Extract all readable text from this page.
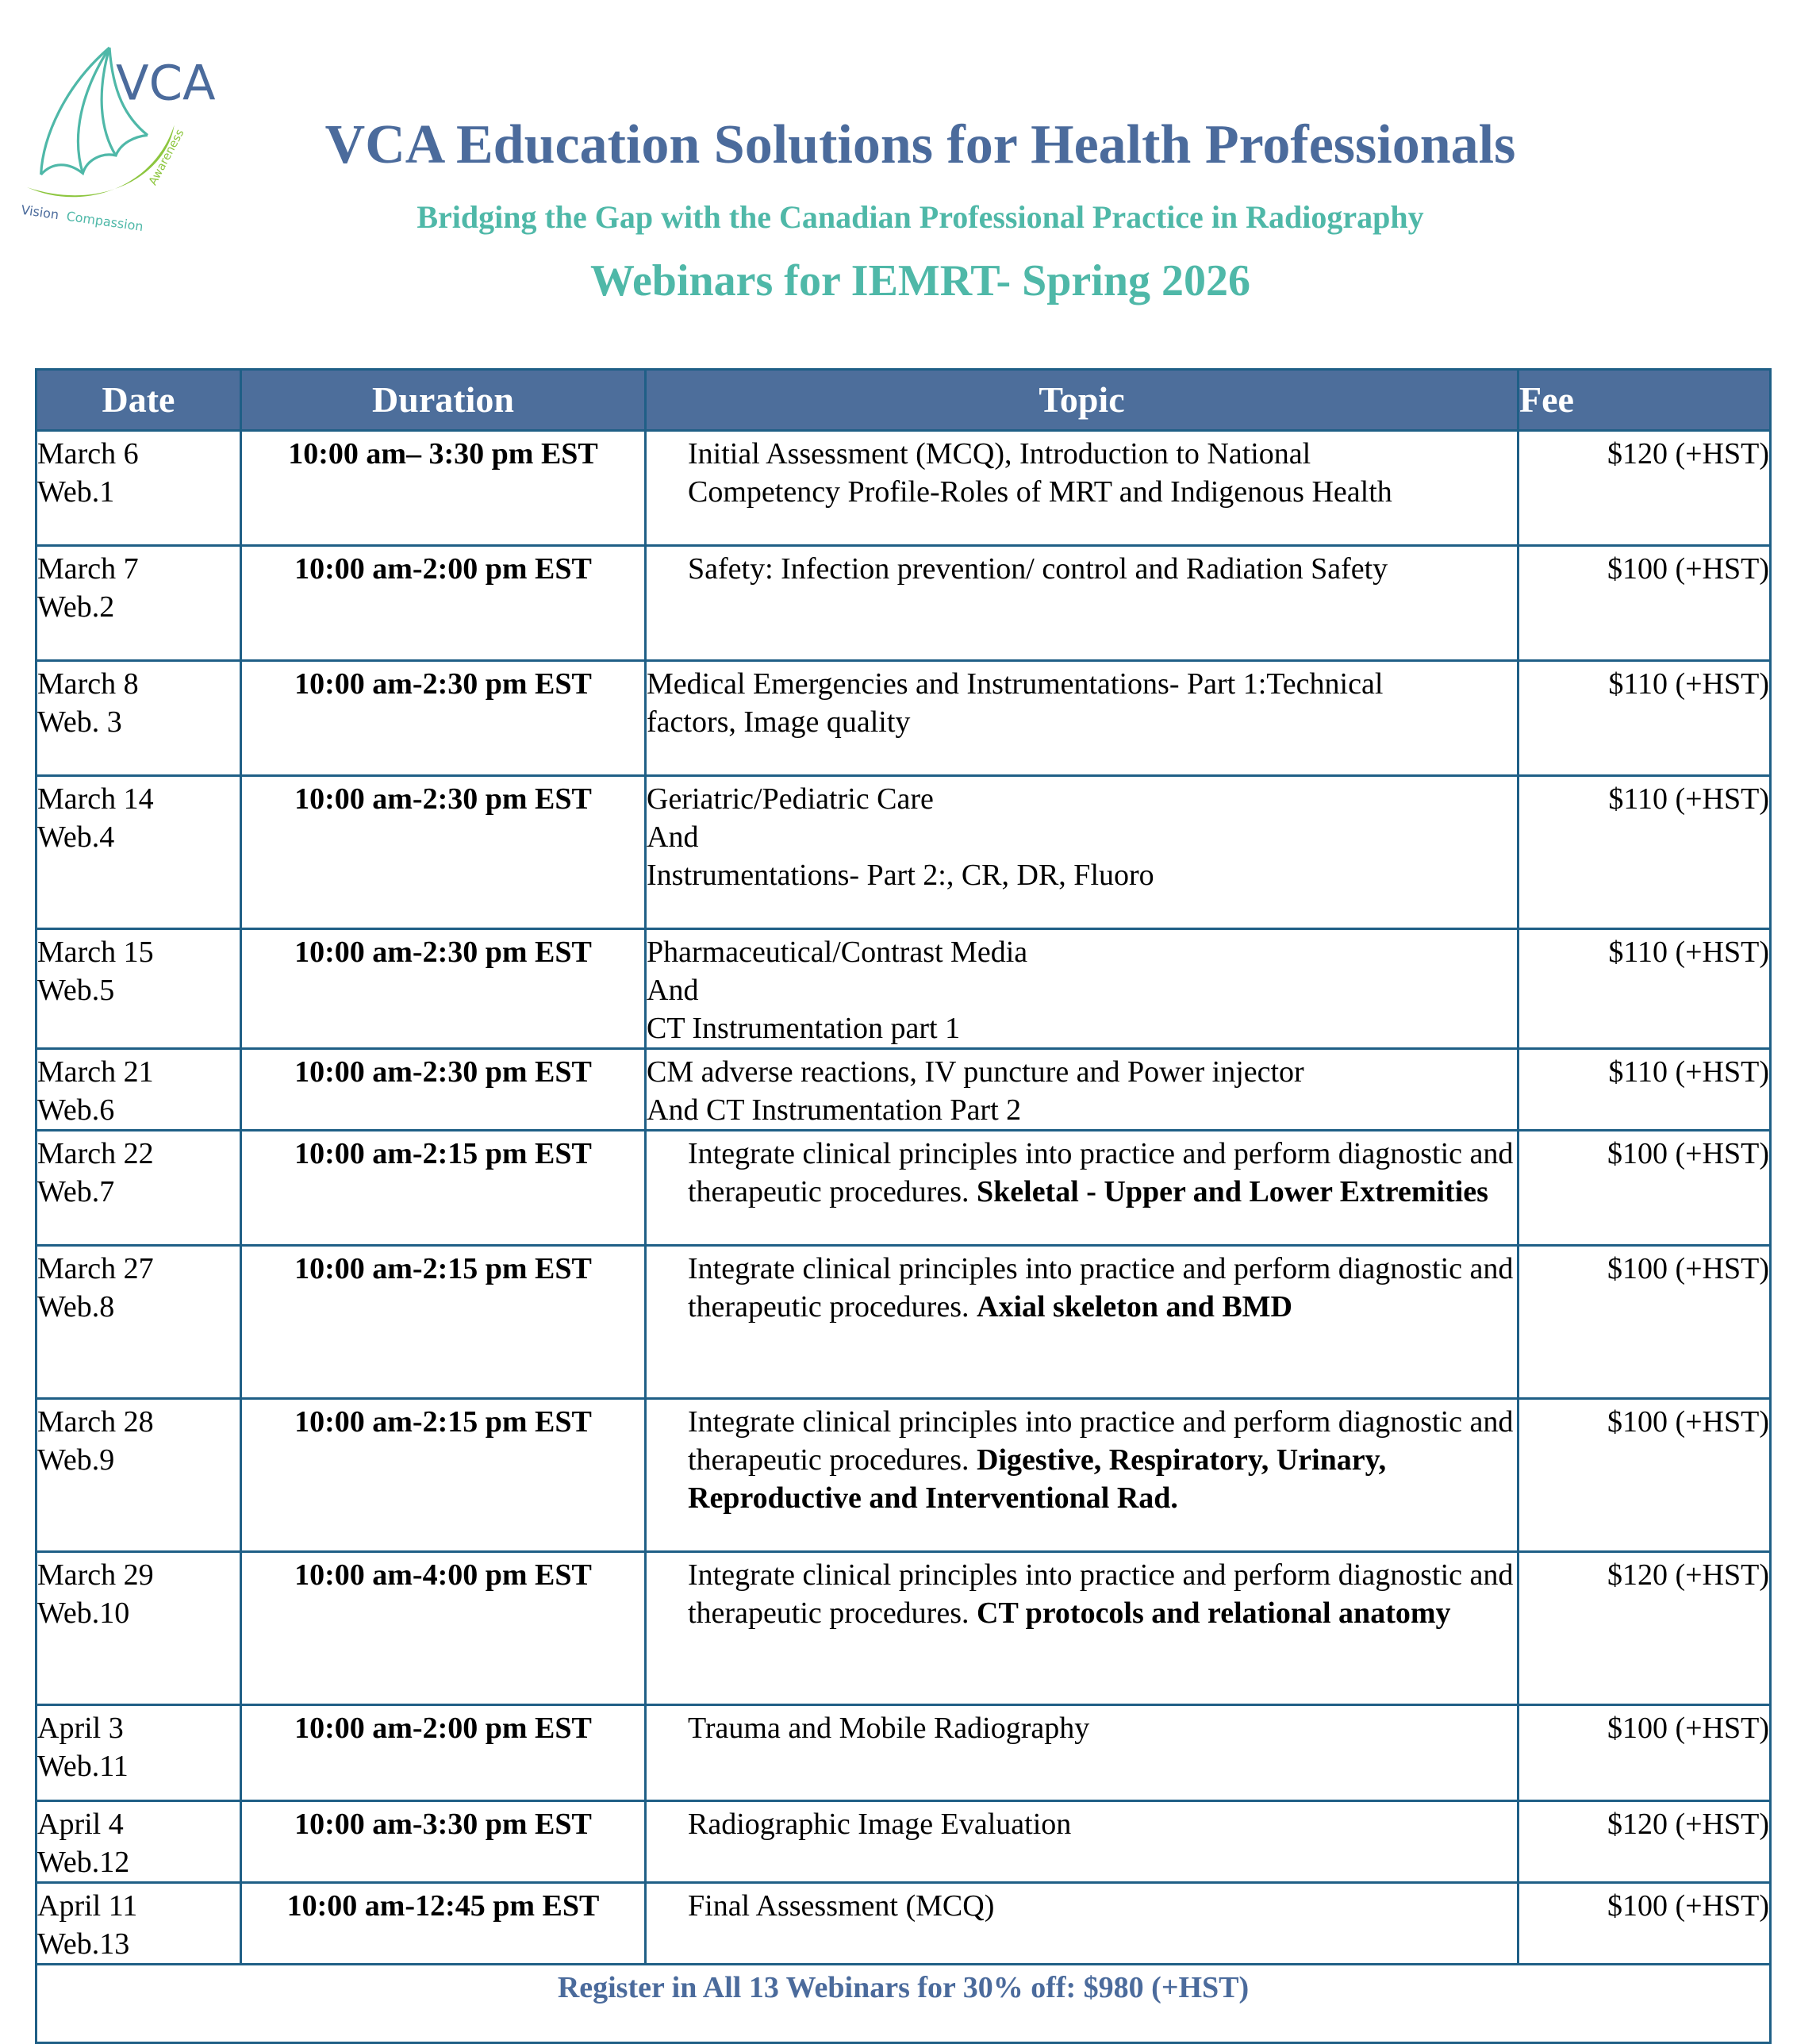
VCA
Vision Compassion
Awareness	VCA Education Solutions for Health Professionals
Bridging the Gap with the Canadian Professional Practice in Radiography
Webinars for IEMRT- Spring 2026
Date	Duration	Topic	Fee

March 6
Web.1	10:00 am– 3:30 pm EST	Initial Assessment (MCQ), Introduction to National
Competency Profile-Roles of MRT and Indigenous Health	$120 (+HST)

March 7
Web.2	10:00 am-2:00 pm EST	Safety: Infection prevention/ control and Radiation Safety	$100 (+HST)

March 8
Web. 3	10:00 am-2:30 pm EST	Medical Emergencies and Instrumentations- Part 1:Technical
factors, Image quality	$110 (+HST)

March 14
Web.4	10:00 am-2:30 pm EST	Geriatric/Pediatric Care
And
Instrumentations- Part 2:, CR, DR, Fluoro	$110 (+HST)

March 15
Web.5	10:00 am-2:30 pm EST	Pharmaceutical/Contrast Media
And
CT Instrumentation part 1	$110 (+HST)

March 21
Web.6	10:00 am-2:30 pm EST	CM adverse reactions, IV puncture and Power injector
And CT Instrumentation Part 2	$110 (+HST)

March 22
Web.7	10:00 am-2:15 pm EST	Integrate clinical principles into practice and perform diagnostic and therapeutic procedures. Skeletal - Upper and Lower Extremities	$100 (+HST)

March 27
Web.8	10:00 am-2:15 pm EST	Integrate clinical principles into practice and perform diagnostic and therapeutic procedures. Axial skeleton and BMD	$100 (+HST)

March 28
Web.9	10:00 am-2:15 pm EST	Integrate clinical principles into practice and perform diagnostic and therapeutic procedures. Digestive, Respiratory, Urinary, Reproductive and Interventional Rad.	$100 (+HST)

March 29
Web.10	10:00 am-4:00 pm EST	Integrate clinical principles into practice and perform diagnostic and therapeutic procedures. CT protocols and relational anatomy	$120 (+HST)

April 3
Web.11	10:00 am-2:00 pm EST	Trauma and Mobile Radiography	$100 (+HST)

April 4
Web.12	10:00 am-3:30 pm EST	Radiographic Image Evaluation	$120 (+HST)

April 11
Web.13	10:00 am-12:45 pm EST	Final Assessment (MCQ)	$100 (+HST)
Register in All 13 Webinars for 30% off: $980 (+HST)			
